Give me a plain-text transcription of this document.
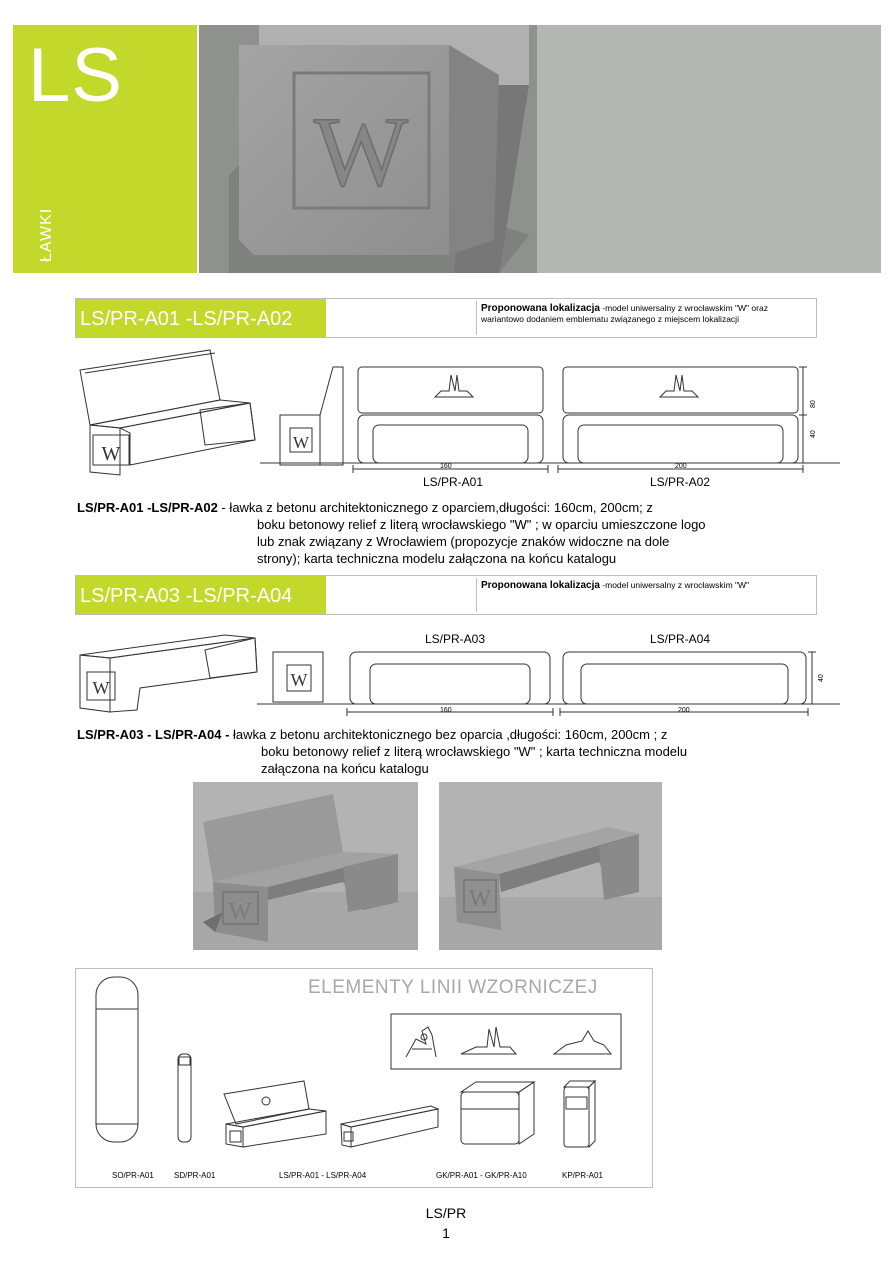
LS
ŁAWKI
W
LS/PR-A01 -LS/PR-A02	Proponowana lokalizacja -model uniwersalny z wrocławskim "W" oraz wariantowo dodaniem emblematu związanego z miejscem lokalizacji
W
W
160	200
80
40
LS/PR-A01	LS/PR-A02
LS/PR-A01 -LS/PR-A02 - ławka z betonu architektonicznego z oparciem,długości: 160cm, 200cm; z
boku betonowy relief z literą wrocławskiego "W" ; w oparciu umieszczone logo
lub znak związany z Wrocławiem (propozycje znaków widoczne na dole
strony); karta techniczna modelu załączona na końcu katalogu
LS/PR-A03 -LS/PR-A04	Proponowana lokalizacja -model uniwersalny z wrocławskim "W"
LS/PR-A03	LS/PR-A04
W	W
160	200
40
LS/PR-A03 - LS/PR-A04 - ławka z betonu architektonicznego bez oparcia ,długości: 160cm, 200cm ; z
boku betonowy relief z literą wrocławskiego "W" ; karta techniczna modelu
załączona na końcu katalogu
W	W
ELEMENTY LINII WZORNICZEJ
SO/PR-A01	SD/PR-A01	LS/PR-A01 - LS/PR-A04	GK/PR-A01 - GK/PR-A10	KP/PR-A01
LS/PR
1
